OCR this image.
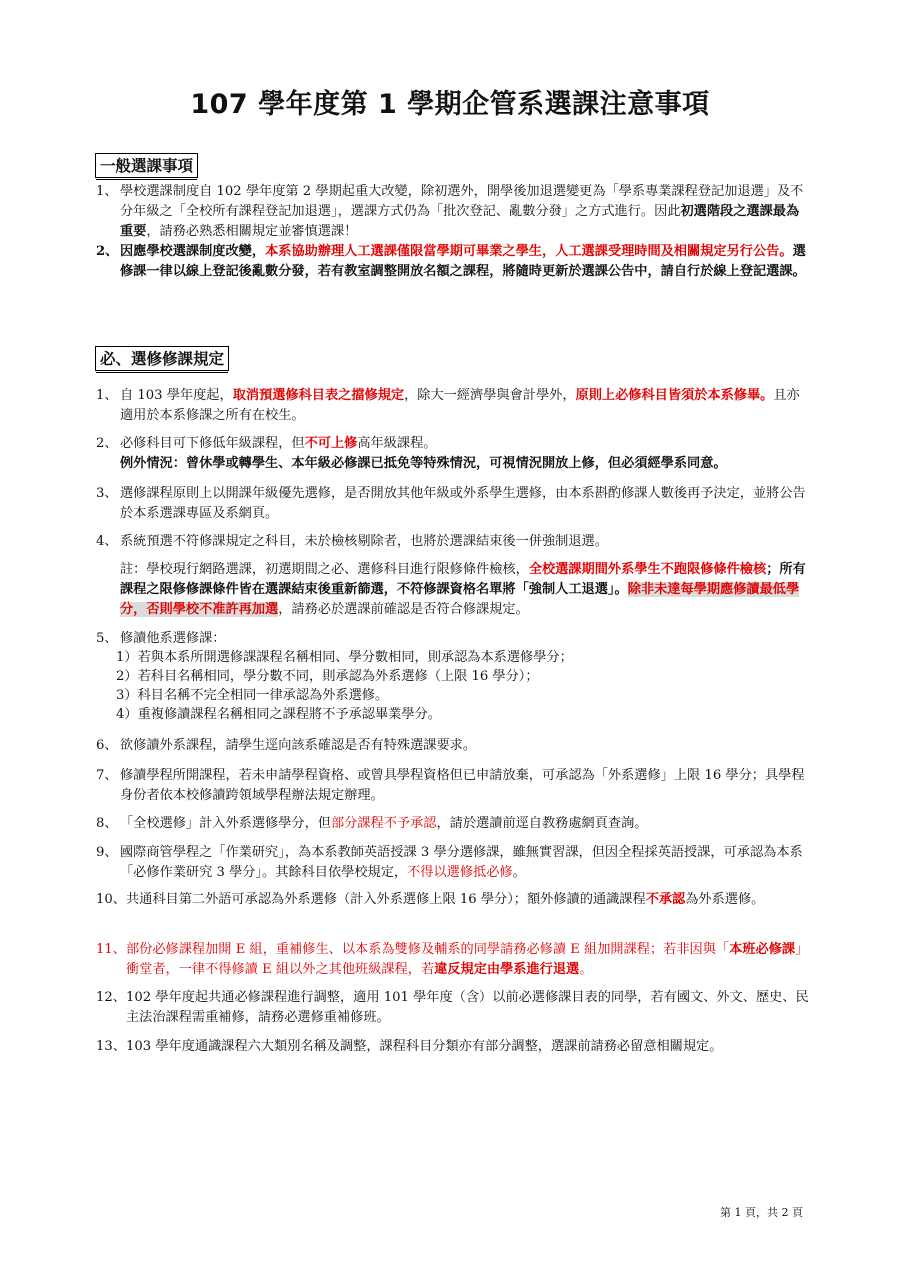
107 學年度第 1 學期企管系選課注意事項
一般選課事項
1、 學校選課制度自 102 學年度第 2 學期起重大改變，除初選外，開學後加退選變更為「學系專業課程登記加退選」及不分年級之「全校所有課程登記加退選」，選課方式仍為「批次登記、亂數分發」之方式進行。因此初選階段之選課最為重要，請務必熟悉相關規定並審慎選課！
2、 因應學校選課制度改變，本系協助辦理人工選課僅限當學期可畢業之學生，人工選課受理時間及相關規定另行公告。選修課一律以線上登記後亂數分發，若有教室調整開放名額之課程，將隨時更新於選課公告中，請自行於線上登記選課。
必、選修修課規定
1、 自 103 學年度起，取消預選修科目表之擋修規定，除大一經濟學與會計學外，原則上必修科目皆須於本系修畢。且亦適用於本系修課之所有在校生。
2、 必修科目可下修低年級課程，但不可上修高年級課程。
例外情況：曾休學或轉學生、本年級必修課已抵免等特殊情況，可視情況開放上修，但必須經學系同意。
3、 選修課程原則上以開課年級優先選修，是否開放其他年級或外系學生選修，由本系斟酌修課人數後再予決定，並將公告於本系選課專區及系網頁。
4、 系統預選不符修課規定之科目，未於檢核剔除者，也將於選課結束後一併強制退選。
註：學校現行網路選課，初選期間之必、選修科目進行限修條件檢核，全校選課期間外系學生不跑限修條件檢核；所有課程之限修修課條件皆在選課結束後重新篩選，不符修課資格名單將「強制人工退選」。除非未達每學期應修讀最低學分，否則學校不准許再加選，請務必於選課前確認是否符合修課規定。
5、 修讀他系選修課：
1）若與本系所開選修課課程名稱相同、學分數相同，則承認為本系選修學分；
2）若科目名稱相同，學分數不同，則承認為外系選修（上限 16 學分）；
3）科目名稱不完全相同一律承認為外系選修。
4）重複修讀課程名稱相同之課程將不予承認畢業學分。
6、 欲修讀外系課程，請學生逕向該系確認是否有特殊選課要求。
7、 修讀學程所開課程，若未申請學程資格、或曾具學程資格但已申請放棄，可承認為「外系選修」上限 16 學分；具學程身份者依本校修讀跨領域學程辦法規定辦理。
8、 「全校選修」計入外系選修學分，但部分課程不予承認，請於選讀前逕自教務處網頁查詢。
9、 國際商管學程之「作業研究」，為本系教師英語授課 3 學分選修課，雖無實習課，但因全程採英語授課，可承認為本系「必修作業研究 3 學分」。其餘科目依學校規定，不得以選修抵必修。
10、 共通科目第二外語可承認為外系選修（計入外系選修上限 16 學分）；額外修讀的通識課程不承認為外系選修。
11、 部份必修課程加開 E 組，重補修生、以本系為雙修及輔系的同學請務必修讀 E 組加開課程；若非因與「本班必修課」衝堂者，一律不得修讀 E 組以外之其他班級課程，若違反規定由學系進行退選。
12、 102 學年度起共通必修課程進行調整，適用 101 學年度（含）以前必選修課目表的同學，若有國文、外文、歷史、民主法治課程需重補修，請務必選修重補修班。
13、 103 學年度通識課程六大類別名稱及調整，課程科目分類亦有部分調整，選課前請務必留意相關規定。
第 1 頁，共 2 頁
